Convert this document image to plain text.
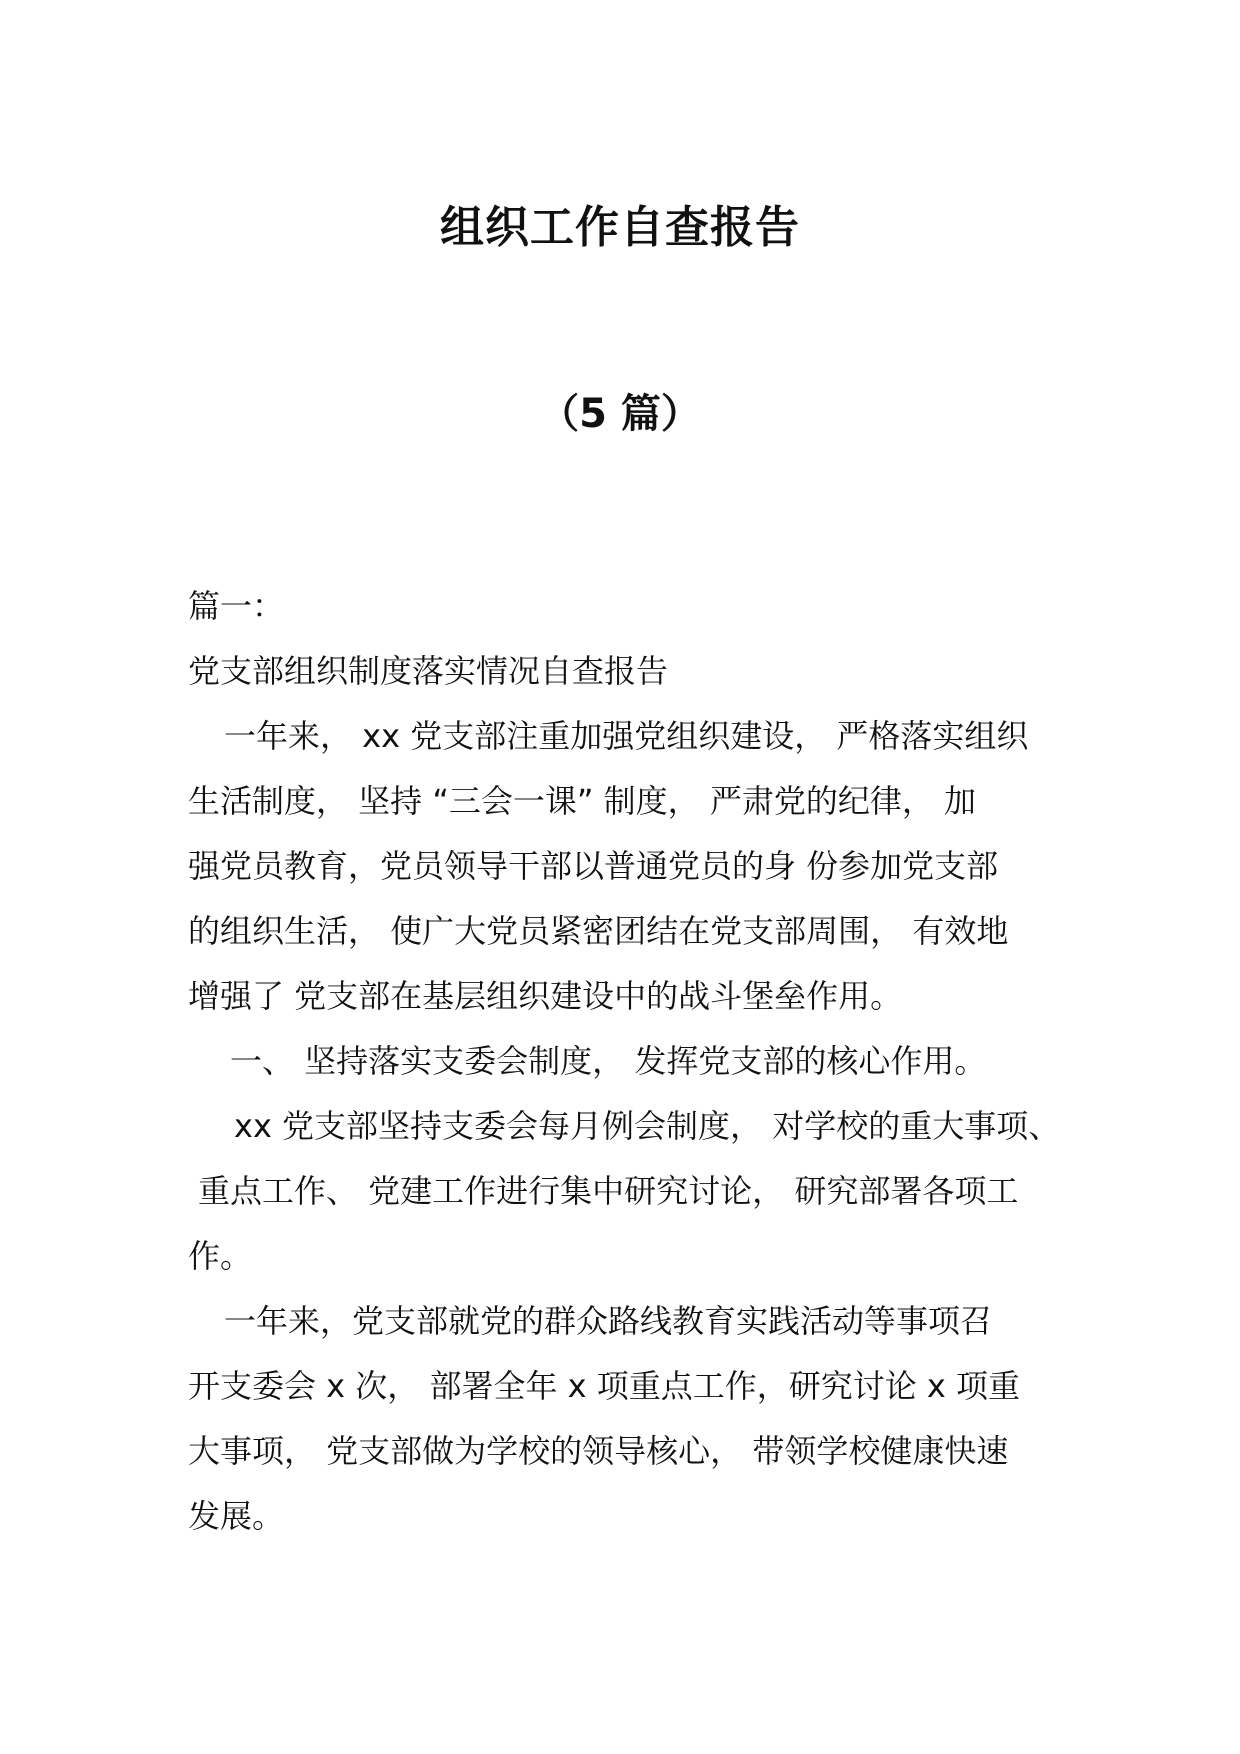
组织工作自查报告
（5 篇）
篇一：
党支部组织制度落实情况自查报告
一年来， xx 党支部注重加强党组织建设， 严格落实组织
生活制度， 坚持 “三会一课” 制度， 严肃党的纪律， 加
强党员教育，党员领导干部以普通党员的身 份参加党支部
的组织生活， 使广大党员紧密团结在党支部周围， 有效地
增强了 党支部在基层组织建设中的战斗堡垒作用。
一、 坚持落实支委会制度， 发挥党支部的核心作用。
xx 党支部坚持支委会每月例会制度， 对学校的重大事项、
重点工作、 党建工作进行集中研究讨论， 研究部署各项工
作。
一年来，党支部就党的群众路线教育实践活动等事项召
开支委会 x 次， 部署全年 x 项重点工作，研究讨论 x 项重
大事项， 党支部做为学校的领导核心， 带领学校健康快速
发展。
